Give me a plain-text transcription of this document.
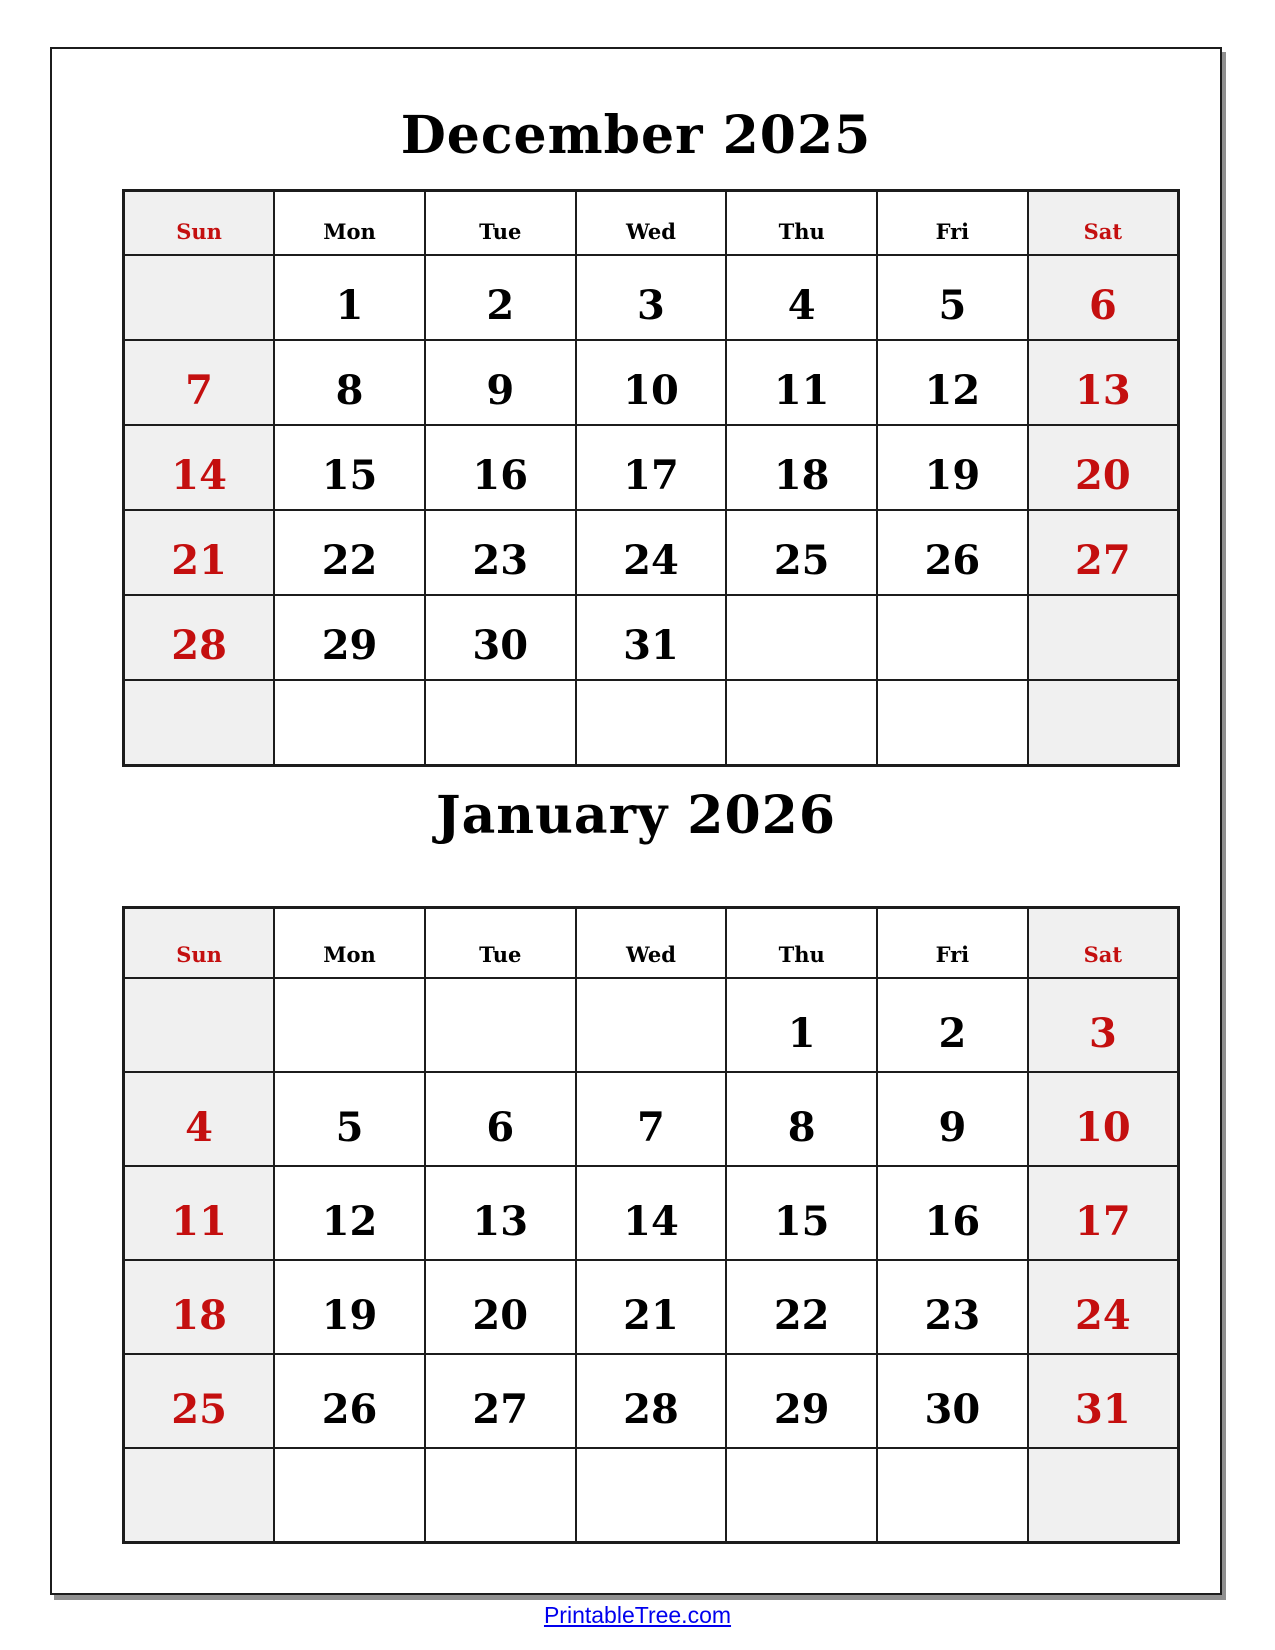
December 2025
Sun	Mon	Tue	Wed	Thu	Fri	Sat
	1	2	3	4	5	6
7	8	9	10	11	12	13
14	15	16	17	18	19	20
21	22	23	24	25	26	27
28	29	30	31			

January 2026
Sun	Mon	Tue	Wed	Thu	Fri	Sat
				1	2	3
4	5	6	7	8	9	10
11	12	13	14	15	16	17
18	19	20	21	22	23	24
25	26	27	28	29	30	31

PrintableTree.com
